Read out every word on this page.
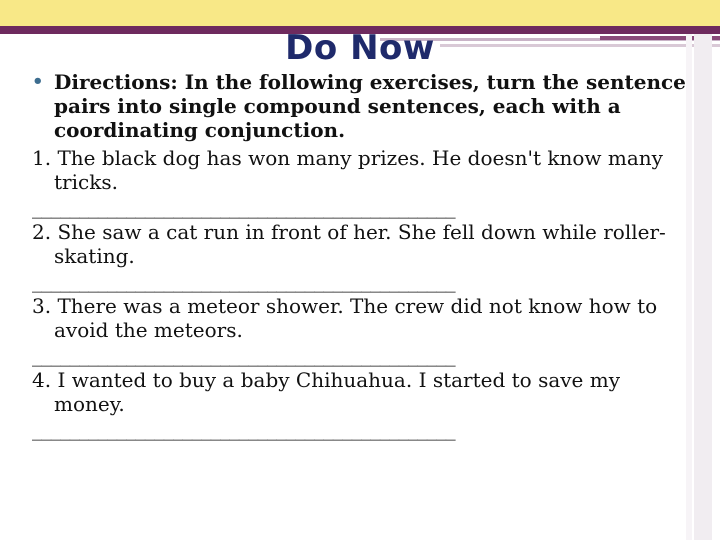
Do Now
• Directions: In the following exercises, turn the sentence pairs into single compound sentences, each with a coordinating conjunction.
1. The black dog has won many prizes. He doesn't know many tricks.
_____________________________________________
2. She saw a cat run in front of her. She fell down while roller-skating.
_____________________________________________
3. There was a meteor shower. The crew did not know how to avoid the meteors.
_____________________________________________
4. I wanted to buy a baby Chihuahua. I started to save my money.
_____________________________________________
